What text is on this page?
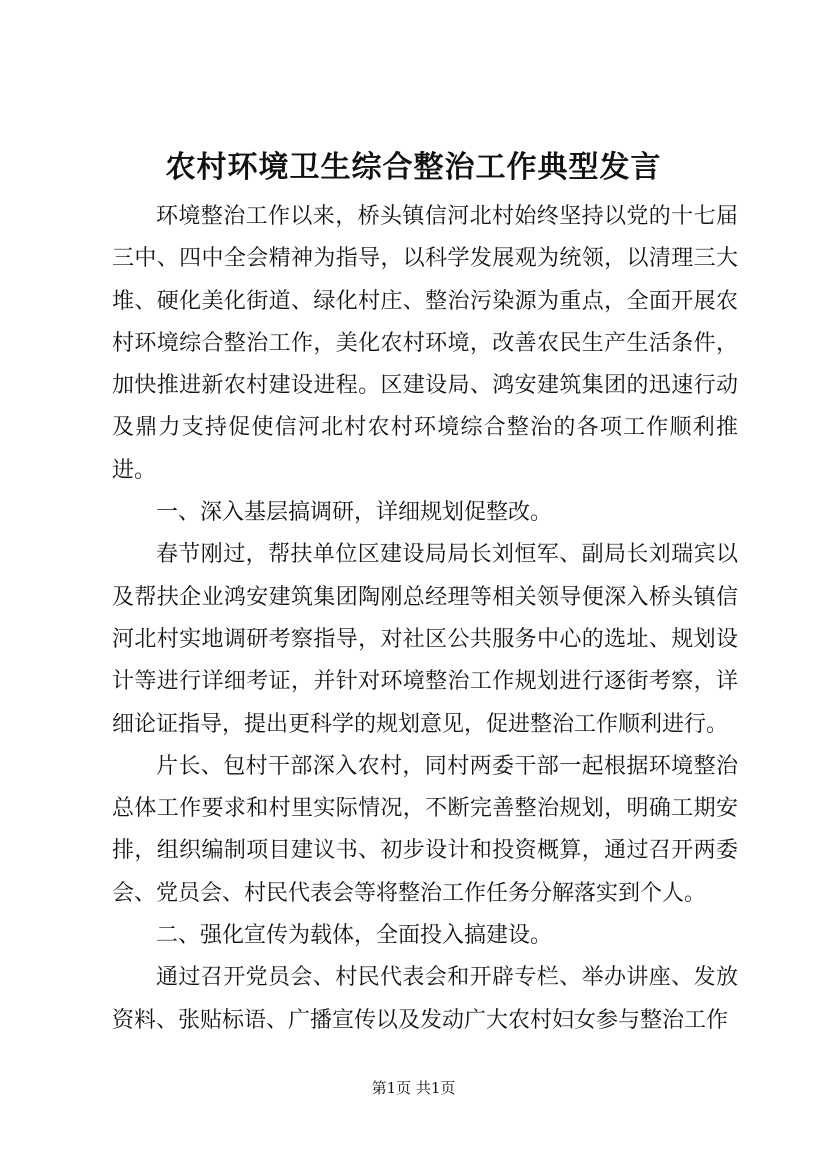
农村环境卫生综合整治工作典型发言

环境整治工作以来，桥头镇信河北村始终坚持以党的十七届三中、四中全会精神为指导，以科学发展观为统领，以清理三大堆、硬化美化街道、绿化村庄、整治污染源为重点，全面开展农村环境综合整治工作，美化农村环境，改善农民生产生活条件，加快推进新农村建设进程。区建设局、鸿安建筑集团的迅速行动及鼎力支持促使信河北村农村环境综合整治的各项工作顺利推进。

一、深入基层搞调研，详细规划促整改。

春节刚过，帮扶单位区建设局局长刘恒军、副局长刘瑞宾以及帮扶企业鸿安建筑集团陶刚总经理等相关领导便深入桥头镇信河北村实地调研考察指导，对社区公共服务中心的选址、规划设计等进行详细考证，并针对环境整治工作规划进行逐街考察，详细论证指导，提出更科学的规划意见，促进整治工作顺利进行。

片长、包村干部深入农村，同村两委干部一起根据环境整治总体工作要求和村里实际情况，不断完善整治规划，明确工期安排，组织编制项目建议书、初步设计和投资概算，通过召开两委会、党员会、村民代表会等将整治工作任务分解落实到个人。

二、强化宣传为载体，全面投入搞建设。

通过召开党员会、村民代表会和开辟专栏、举办讲座、发放资料、张贴标语、广播宣传以及发动广大农村妇女参与整治工作

第1页 共1页
